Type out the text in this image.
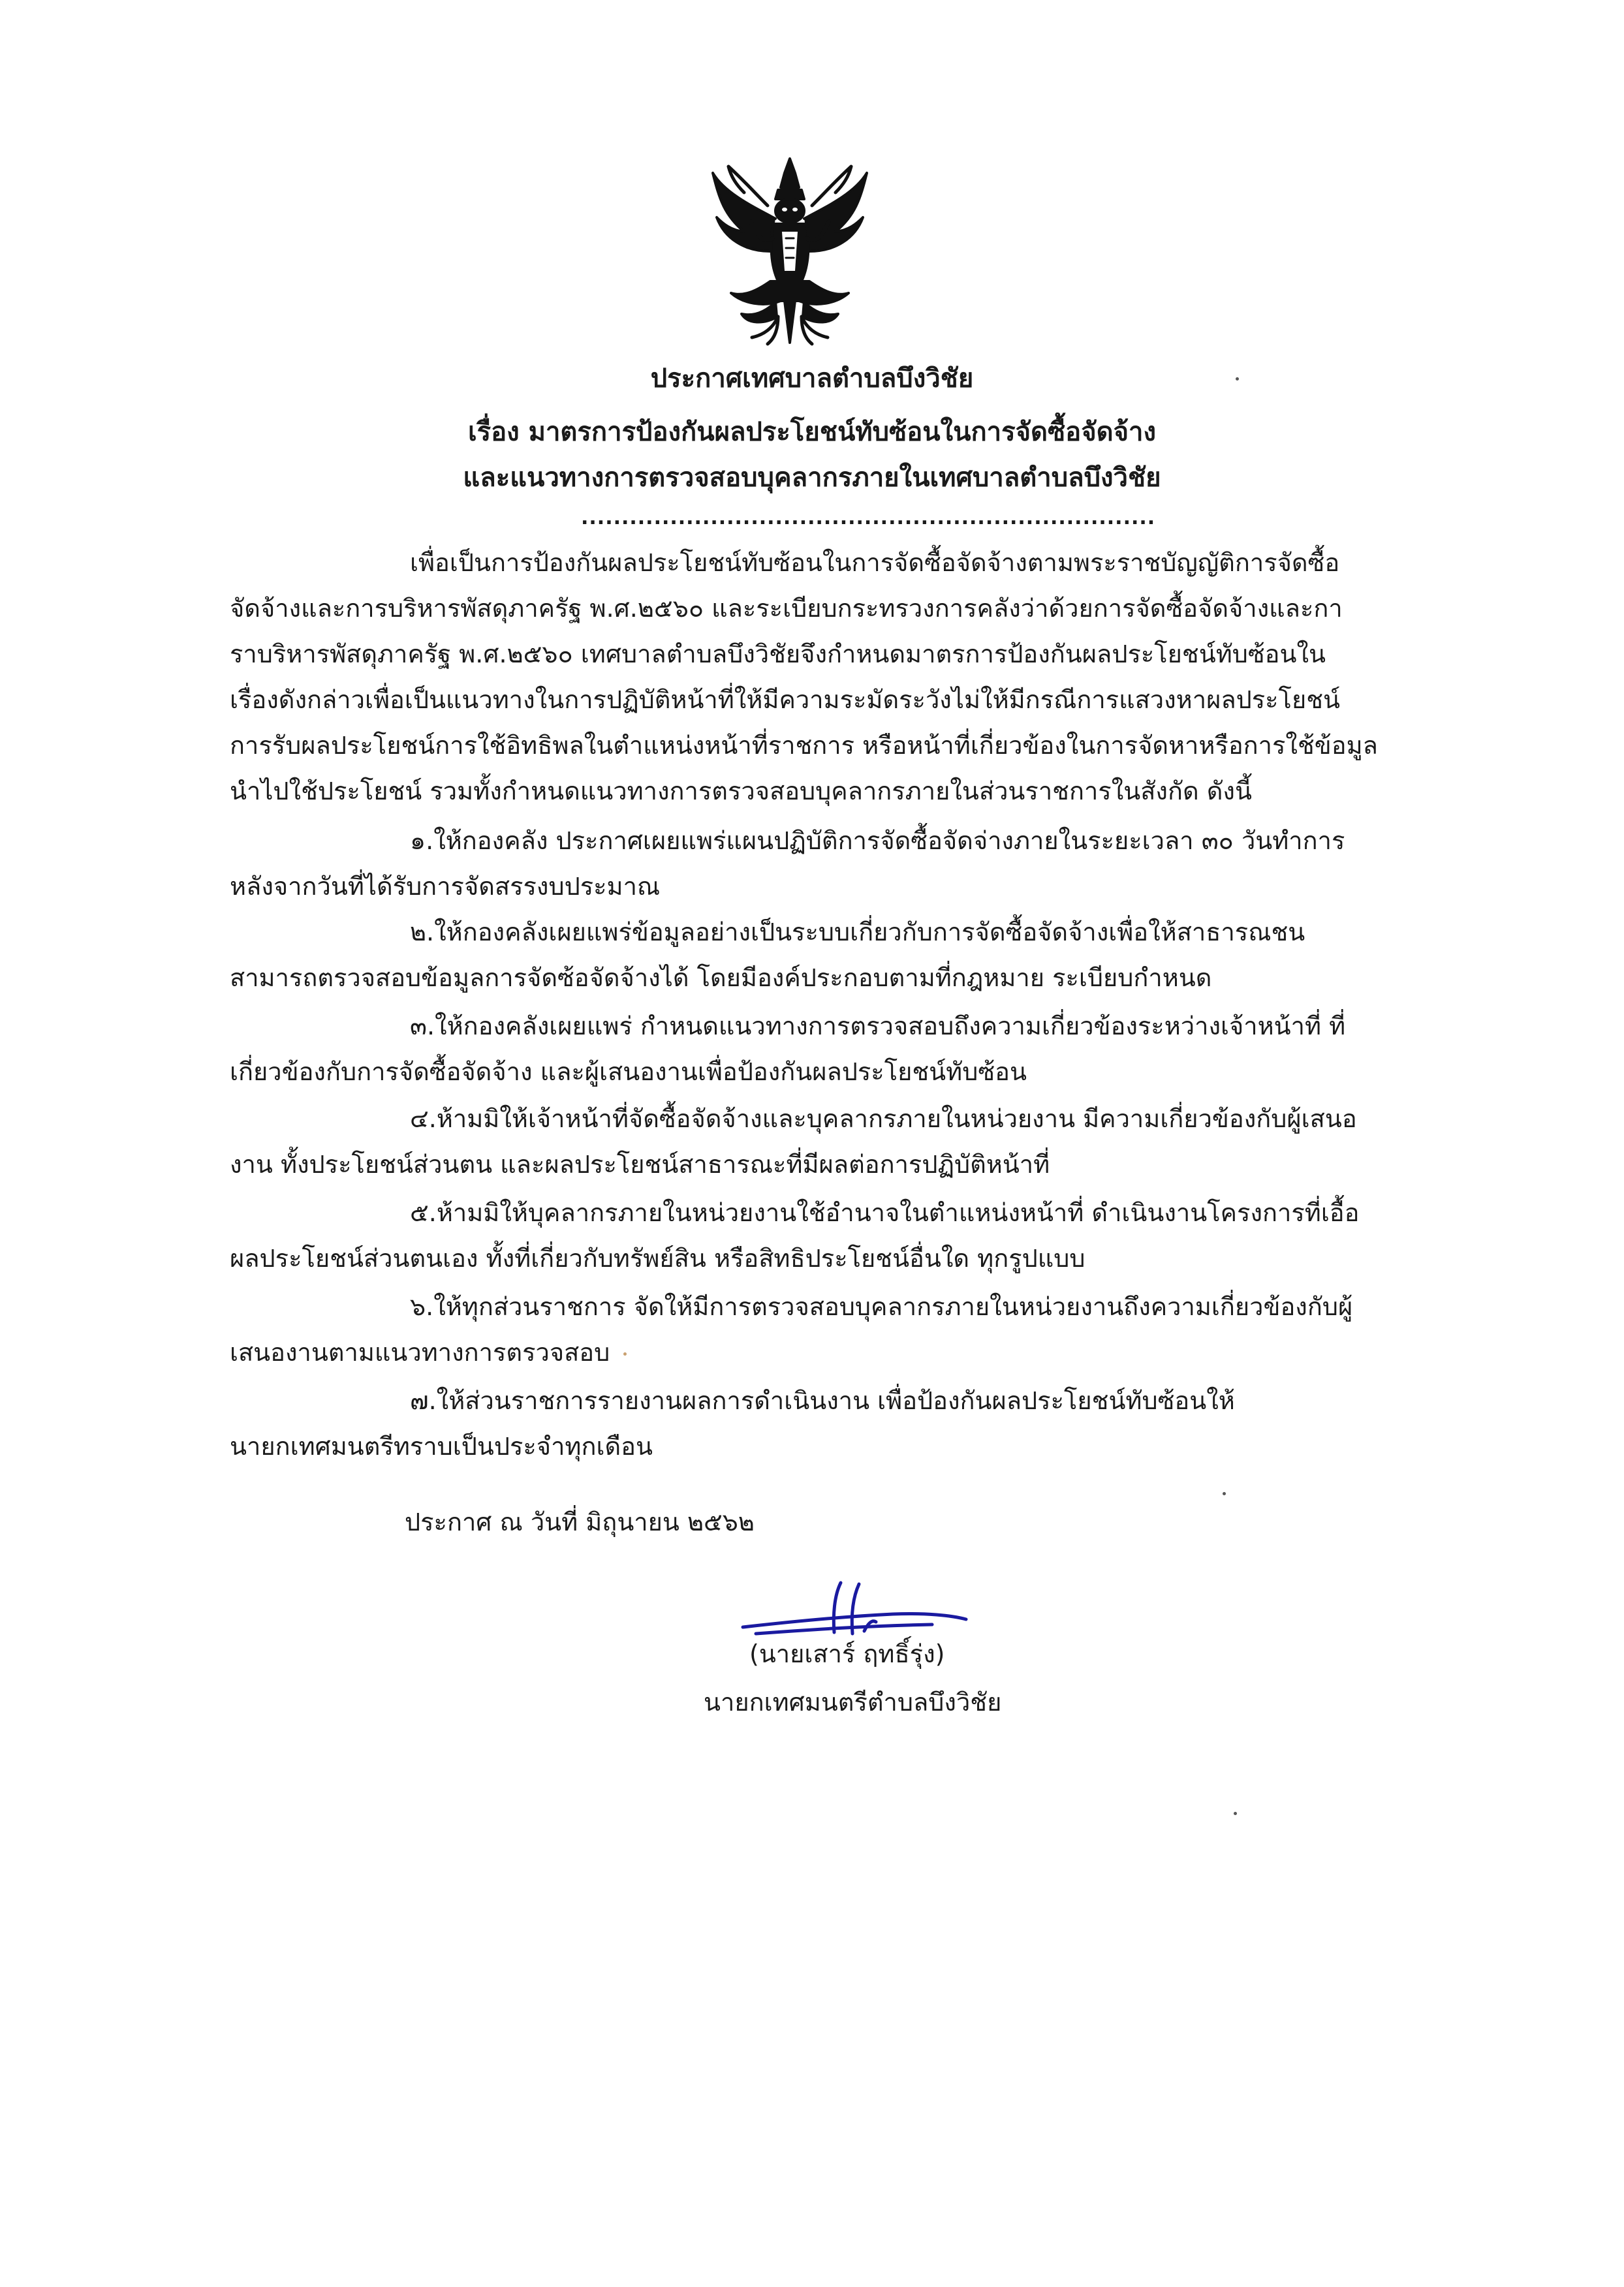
ประกาศเทศบาลตำบลบึงวิชัย
เรื่อง มาตรการป้องกันผลประโยชน์ทับซ้อนในการจัดซื้อจัดจ้าง
และแนวทางการตรวจสอบบุคลากรภายในเทศบาลตำบลบึงวิชัย
.......................................................................
เพื่อเป็นการป้องกันผลประโยชน์ทับซ้อนในการจัดซื้อจัดจ้างตามพระราชบัญญัติการจัดซื้อ
จัดจ้างและการบริหารพัสดุภาครัฐ พ.ศ.๒๕๖๐ และระเบียบกระทรวงการคลังว่าด้วยการจัดซื้อจัดจ้างและกา
ราบริหารพัสดุภาครัฐ พ.ศ.๒๕๖๐ เทศบาลตำบลบึงวิชัยจึงกำหนดมาตรการป้องกันผลประโยชน์ทับซ้อนใน
เรื่องดังกล่าวเพื่อเป็นแนวทางในการปฏิบัติหน้าที่ให้มีความระมัดระวังไม่ให้มีกรณีการแสวงหาผลประโยชน์
การรับผลประโยชน์การใช้อิทธิพลในตำแหน่งหน้าที่ราชการ หรือหน้าที่เกี่ยวข้องในการจัดหาหรือการใช้ข้อมูล
นำไปใช้ประโยชน์ รวมทั้งกำหนดแนวทางการตรวจสอบบุคลากรภายในส่วนราชการในสังกัด ดังนี้
๑.ให้กองคลัง ประกาศเผยแพร่แผนปฏิบัติการจัดซื้อจัดจ่างภายในระยะเวลา ๓๐ วันทำการ
หลังจากวันที่ได้รับการจัดสรรงบประมาณ
๒.ให้กองคลังเผยแพร่ข้อมูลอย่างเป็นระบบเกี่ยวกับการจัดซื้อจัดจ้างเพื่อให้สาธารณชน
สามารถตรวจสอบข้อมูลการจัดซ้อจัดจ้างได้ โดยมีองค์ประกอบตามที่กฎหมาย ระเบียบกำหนด
๓.ให้กองคลังเผยแพร่ กำหนดแนวทางการตรวจสอบถึงความเกี่ยวข้องระหว่างเจ้าหน้าที่ ที่
เกี่ยวข้องกับการจัดซื้อจัดจ้าง และผู้เสนองานเพื่อป้องกันผลประโยชน์ทับซ้อน
๔.ห้ามมิให้เจ้าหน้าที่จัดซื้อจัดจ้างและบุคลากรภายในหน่วยงาน มีความเกี่ยวข้องกับผู้เสนอ
งาน ทั้งประโยชน์ส่วนตน และผลประโยชน์สาธารณะที่มีผลต่อการปฏิบัติหน้าที่
๕.ห้ามมิให้บุคลากรภายในหน่วยงานใช้อำนาจในตำแหน่งหน้าที่ ดำเนินงานโครงการที่เอื้อ
ผลประโยชน์ส่วนตนเอง ทั้งที่เกี่ยวกับทรัพย์สิน หรือสิทธิประโยชน์อื่นใด ทุกรูปแบบ
๖.ให้ทุกส่วนราชการ จัดให้มีการตรวจสอบบุคลากรภายในหน่วยงานถึงความเกี่ยวข้องกับผู้
เสนองานตามแนวทางการตรวจสอบ
๗.ให้ส่วนราชการรายงานผลการดำเนินงาน เพื่อป้องกันผลประโยชน์ทับซ้อนให้
นายกเทศมนตรีทราบเป็นประจำทุกเดือน
ประกาศ ณ วันที่ มิถุนายน ๒๕๖๒
(นายเสาร์ ฤทธิ์รุ่ง)
นายกเทศมนตรีตำบลบึงวิชัย
